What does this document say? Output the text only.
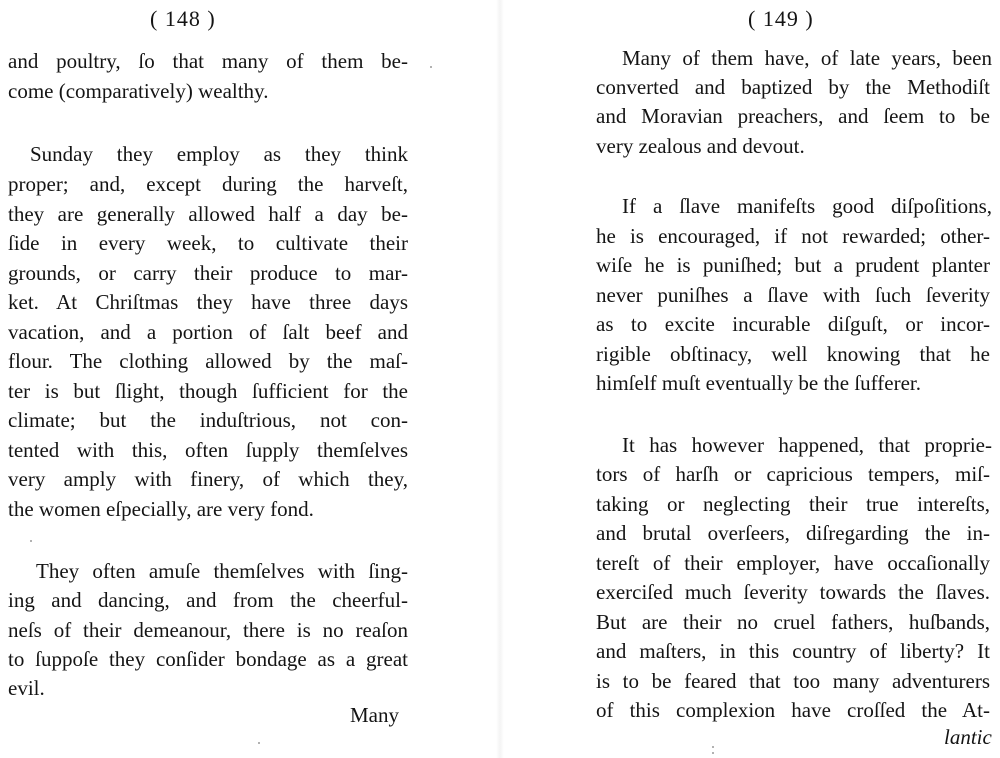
( 148 )
and poultry, ſo that many of them be-
come (comparatively) wealthy.
Sunday they employ as they think
proper; and, except during the harveſt,
they are generally allowed half a day be-
ſide in every week, to cultivate their
grounds, or carry their produce to mar-
ket. At Chriſtmas they have three days
vacation, and a portion of ſalt beef and
flour. The clothing allowed by the maſ-
ter is but ſlight, though ſufficient for the
climate; but the induſtrious, not con-
tented with this, often ſupply themſelves
very amply with finery, of which they,
the women eſpecially, are very fond.
They often amuſe themſelves with ſing-
ing and dancing, and from the cheerful-
neſs of their demeanour, there is no reaſon
to ſuppoſe they conſider bondage as a great
evil.
Many
( 149 )
Many of them have, of late years, been
converted and baptized by the Methodiſt
and Moravian preachers, and ſeem to be
very zealous and devout.
If a ſlave manifeſts good diſpoſitions,
he is encouraged, if not rewarded; other-
wiſe he is puniſhed; but a prudent planter
never puniſhes a ſlave with ſuch ſeverity
as to excite incurable diſguſt, or incor-
rigible obſtinacy, well knowing that he
himſelf muſt eventually be the ſufferer.
It has however happened, that proprie-
tors of harſh or capricious tempers, miſ-
taking or neglecting their true intereſts,
and brutal overſeers, diſregarding the in-
tereſt of their employer, have occaſionally
exerciſed much ſeverity towards the ſlaves.
But are their no cruel fathers, huſbands,
and maſters, in this country of liberty? It
is to be feared that too many adventurers
of this complexion have croſſed the At-
lantic
